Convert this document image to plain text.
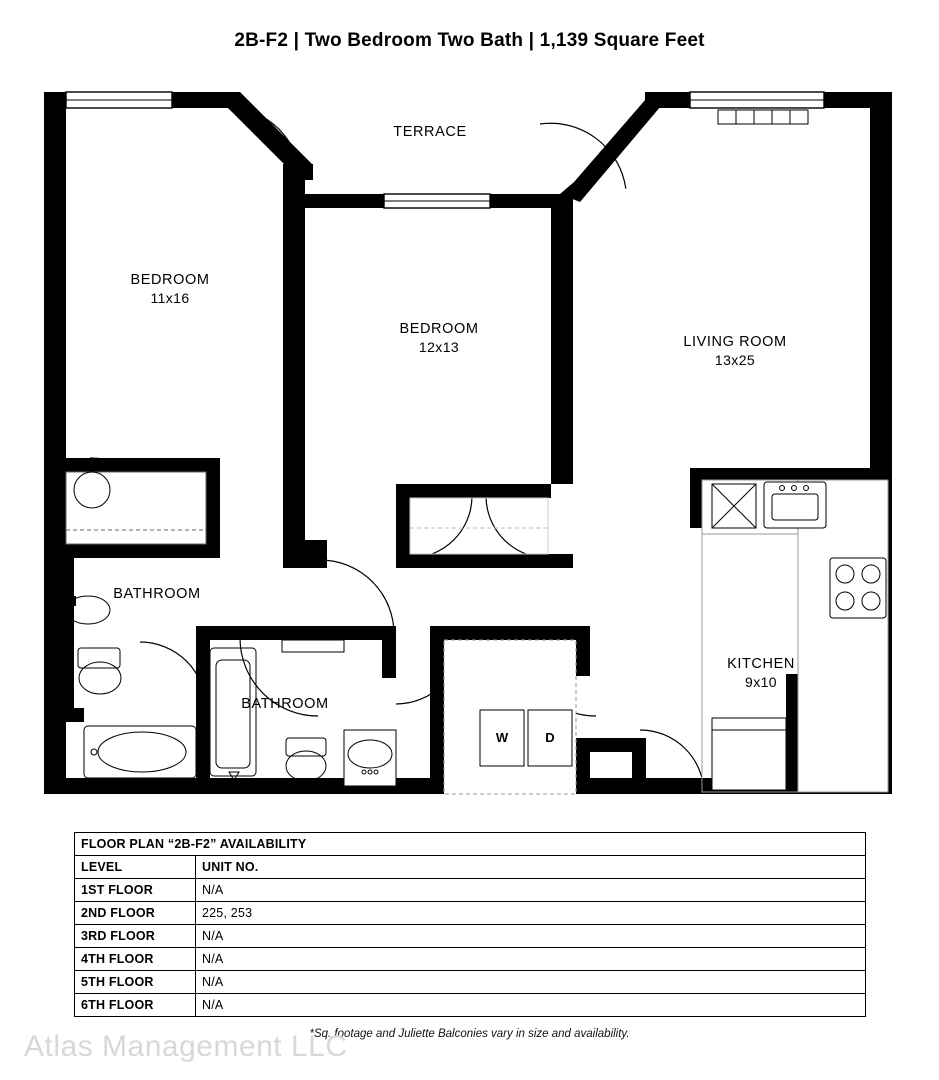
2B-F2 | Two Bedroom Two Bath | 1,139 Square Feet
TERRACE
BEDROOM
11x16
BEDROOM
12x13	LIVING ROOM
13x25
BATHROOM
BATHROOM
KITCHEN
9x10
W	D
FLOOR PLAN “2B-F2” AVAILABILITY	
LEVEL	UNIT NO.
1ST FLOOR	N/A
2ND FLOOR	225, 253
3RD FLOOR	N/A
4TH FLOOR	N/A
5TH FLOOR	N/A
6TH FLOOR	N/A
*Sq. footage and Juliette Balconies vary in size and availability.
Atlas Management LLC
